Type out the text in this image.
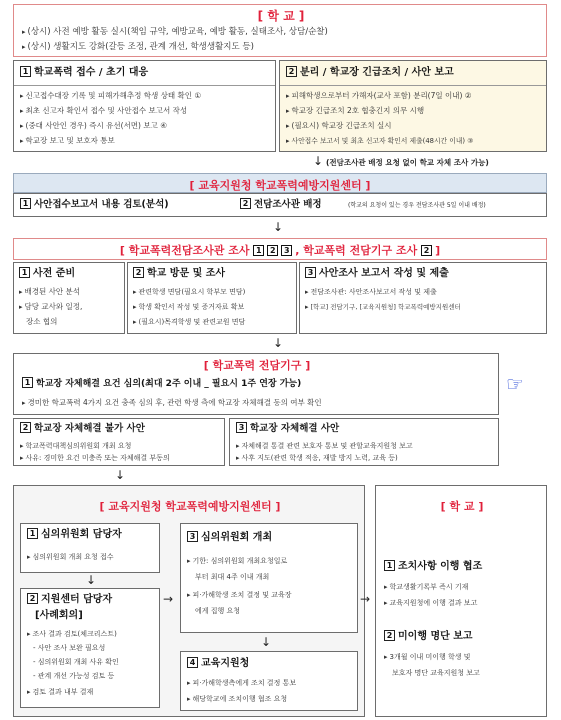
[ 학 교 ]
▸ (상시) 사전 예방 활동 실시(책임 규약, 예방교육, 예방 활동, 실태조사, 상담/순찰)
▸ (상시) 생활지도 강화(갈등 조정, 관계 개선, 학생생활지도 등)
1 학교폭력 접수 / 초기 대응
▸ 신고접수대장 기록 및 피해가해추정 학생 상태 확인 ①
▸ 최초 신고자 확인서 접수 및 사안접수 보고서 작성
▸ (중대 사안인 경우) 즉시 유선(서면) 보고 ④
▸ 학교장 보고 및 보호자 통보
2 분리 / 학교장 긴급조치 / 사안 보고
▸ 피해학생으로부터 가해자(교사 포함) 분리(7일 이내) ②
▸ 학교장 긴급조치 2호 협충긴지 의무 시행
▸ (필요시) 학교장 긴급조치 실시
▸ 사안접수 보고서 및 최초 신고자 확인서 제출(48시간 이내) ③
↓ (전담조사관 배정 요청 없이 학교 자체 조사 가능)
[ 교육지원청 학교폭력예방지원센터 ]
1 사안접수보고서 내용 검토(분석)	2 전담조사관 배정	(학교의 요청이 있는 경우 전담조사관 5일 이내 배정)
↓
[ 학교폭력전담조사관 조사 1 2 3 , 학교폭력 전담기구 조사 2 ]
1 사전 준비
▸ 배경된 사안 분석
▸ 담당 교사와 일정,
장소 협의
2 학교 방문 및 조사
▸ 관련학생 면담(필요시 학부모 면담)
▸ 학생 확인서 작성 및 증거자료 확보
▸ (필요시)목격학생 및 관련교원 면담
3 사안조사 보고서 작성 및 제출
▸ 전담조사관: 사안조사보고서 작성 및 제출
▸ [학교] 전담기구, [교육지원청] 학교폭력예방지원센터
↓
[ 학교폭력 전담기구 ]
1 학교장 자체해결 요건 심의(최대 2주 이내 _ 필요시 1주 연장 가능)
▸ 경미한 학교폭력 4가지 요건 충족 심의 후, 관련 학생 측에 학교장 자체해결 동의 여부 확인
☞
2 학교장 자체해결 불가 사안
▸ 학교폭력대책심의위원회 개최 요청
▸ 사유: 경미한 요건 미충족 또는 자체해결 부동의
3 학교장 자체해결 사안
▸ 자체해결 통결 관련 보호자 통보 및 관할교육지원청 보고
▸ 사후 지도(관련 학생 적응, 재발 방지 노력, 교육 등)
↓
[ 교육지원청 학교폭력예방지원센터 ]
1 심의위원회 담당자
▸ 심의위원회 개최 요청 접수
↓
2 지원센터 담당자
[사례회의]
▸ 조사 결과 검토(체크리스트)
- 사안 조사 보완 필요성
- 심의위원회 개최 사유 확인
- 관계 개선 가능성 검토 등
▸ 검토 결과 내부 결재
→
3 심의위원회 개최
▸ 기한: 심의위원회 개최요청일로
부터 최대 4주 이내 개최
▸ 피·가해학생 조치 결정 및 교육장
에게 집행 요청
↓
4 교육지원청
▸ 피·가해학생측에게 조치 결정 통보
▸ 해당학교에 조치이행 협조 요청
→
[ 학 교 ]
1 조치사항 이행 협조
▸ 학교생활기록부 즉시 기재
▸ 교육지원청에 이행 결과 보고
2 미이행 명단 보고
▸ 3개월 이내 미이행 학생 및
보호자 명단 교육지원청 보고
